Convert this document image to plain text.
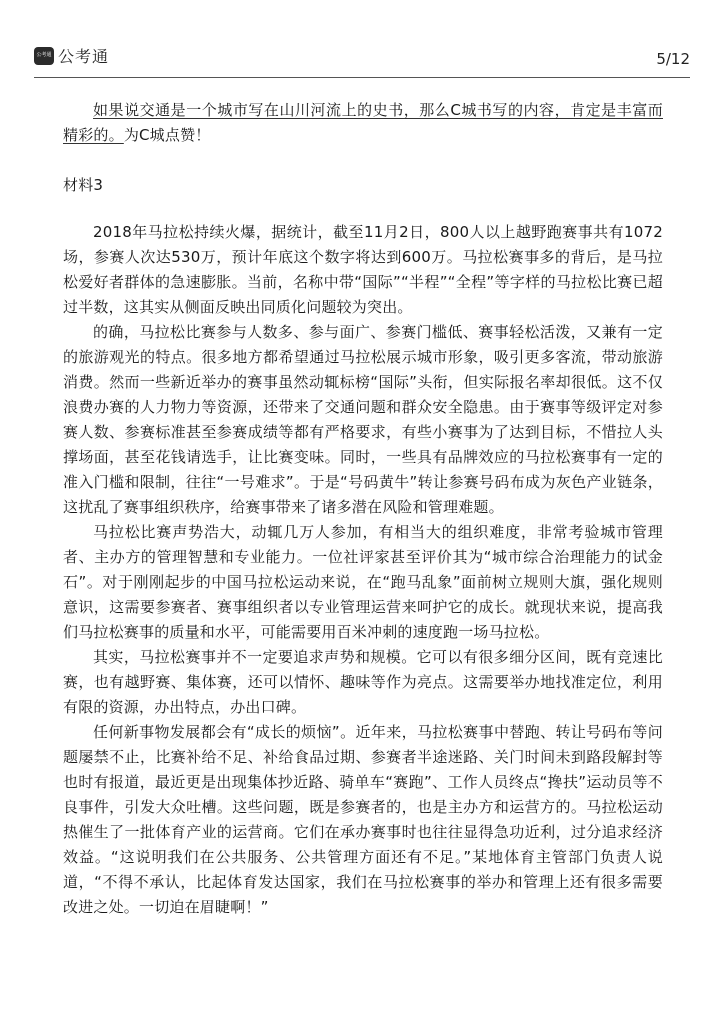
公考通 公考通	5/12

如果说交通是一个城市写在山川河流上的史书，那么C城书写的内容，肯定是丰富而精彩的。为C城点赞！

材料3

2018年马拉松持续火爆，据统计，截至11月2日，800人以上越野跑赛事共有1072场，参赛人次达530万，预计年底这个数字将达到600万。马拉松赛事多的背后，是马拉松爱好者群体的急速膨胀。当前，名称中带“国际”“半程”“全程”等字样的马拉松比赛已超过半数，这其实从侧面反映出同质化问题较为突出。

的确，马拉松比赛参与人数多、参与面广、参赛门槛低、赛事轻松活泼，又兼有一定的旅游观光的特点。很多地方都希望通过马拉松展示城市形象，吸引更多客流，带动旅游消费。然而一些新近举办的赛事虽然动辄标榜“国际”头衔，但实际报名率却很低。这不仅浪费办赛的人力物力等资源，还带来了交通问题和群众安全隐患。由于赛事等级评定对参赛人数、参赛标准甚至参赛成绩等都有严格要求，有些小赛事为了达到目标，不惜拉人头撑场面，甚至花钱请选手，让比赛变味。同时，一些具有品牌效应的马拉松赛事有一定的准入门槛和限制，往往“一号难求”。于是“号码黄牛”转让参赛号码布成为灰色产业链条，这扰乱了赛事组织秩序，给赛事带来了诸多潜在风险和管理难题。

马拉松比赛声势浩大，动辄几万人参加，有相当大的组织难度，非常考验城市管理者、主办方的管理智慧和专业能力。一位社评家甚至评价其为“城市综合治理能力的试金石”。对于刚刚起步的中国马拉松运动来说，在“跑马乱象”面前树立规则大旗，强化规则意识，这需要参赛者、赛事组织者以专业管理运营来呵护它的成长。就现状来说，提高我们马拉松赛事的质量和水平，可能需要用百米冲刺的速度跑一场马拉松。

其实，马拉松赛事并不一定要追求声势和规模。它可以有很多细分区间，既有竞速比赛，也有越野赛、集体赛，还可以情怀、趣味等作为亮点。这需要举办地找准定位，利用有限的资源，办出特点，办出口碑。

任何新事物发展都会有“成长的烦恼”。近年来，马拉松赛事中替跑、转让号码布等问题屡禁不止，比赛补给不足、补给食品过期、参赛者半途迷路、关门时间未到路段解封等也时有报道，最近更是出现集体抄近路、骑单车“赛跑”、工作人员终点“搀扶”运动员等不良事件，引发大众吐槽。这些问题，既是参赛者的，也是主办方和运营方的。马拉松运动热催生了一批体育产业的运营商。它们在承办赛事时也往往显得急功近利，过分追求经济效益。“这说明我们在公共服务、公共管理方面还有不足。”某地体育主管部门负责人说道，“不得不承认，比起体育发达国家，我们在马拉松赛事的举办和管理上还有很多需要改进之处。一切迫在眉睫啊！”
